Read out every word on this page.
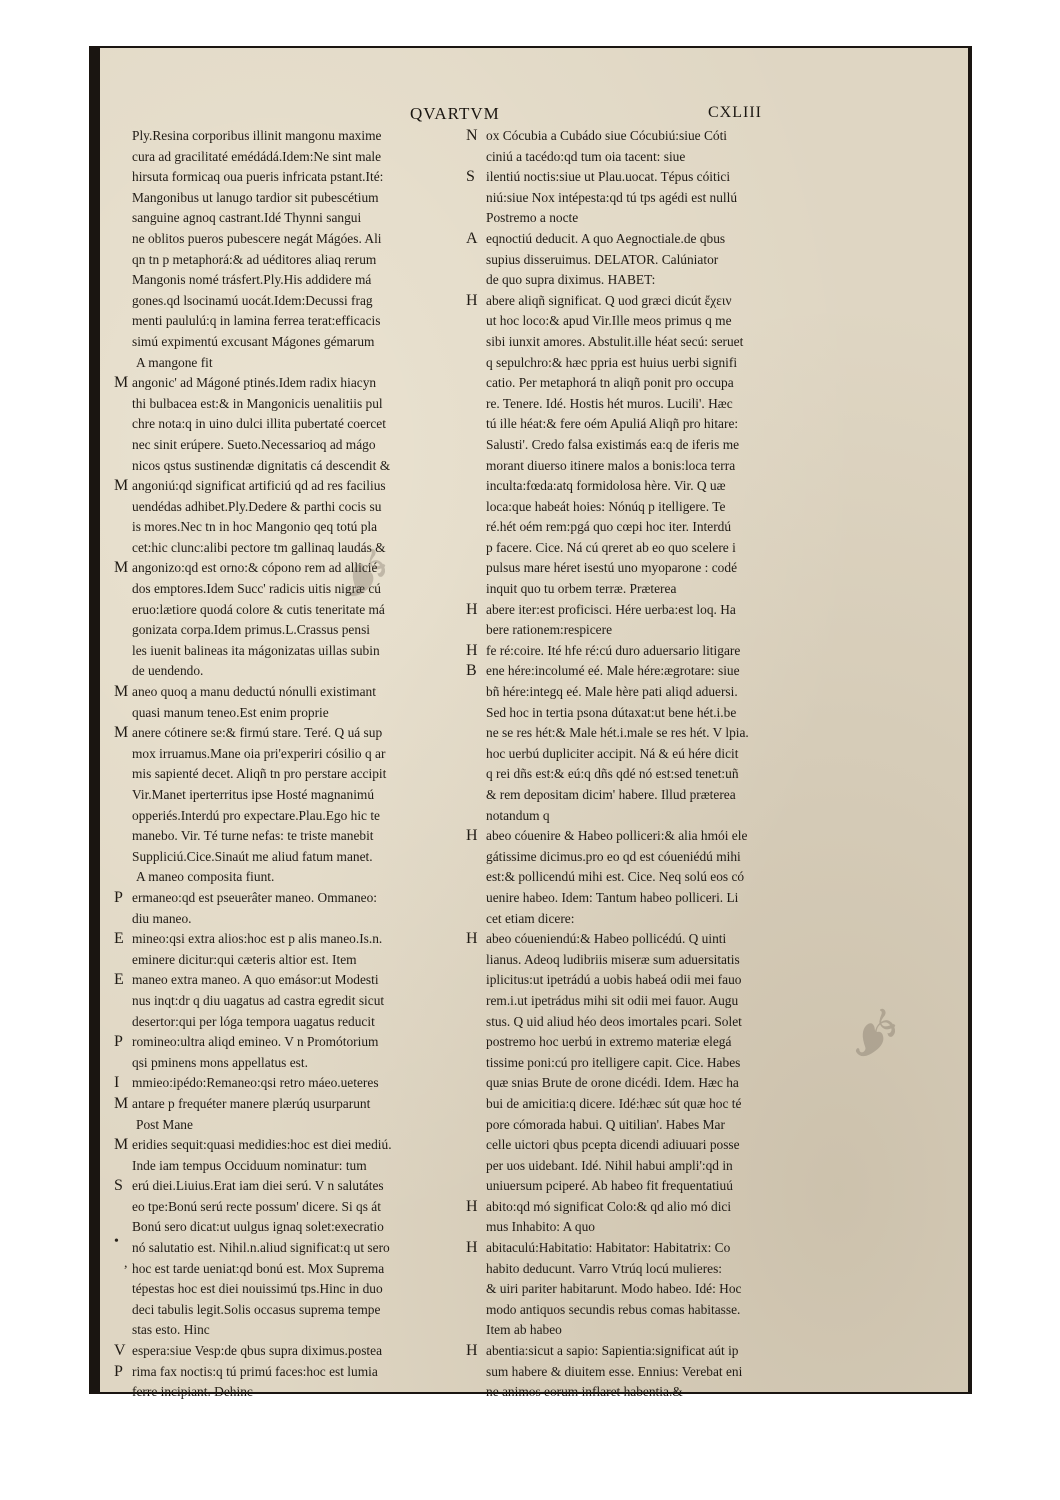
QVARTVM	CXLIII
Ply.Resina corporibus illinit mangonu maxime
cura ad gracilitaté emédádá.Idem:Ne sint male
hirsuta formicaq oua pueris infricata pstant.Ité:
Mangonibus ut lanugo tardior sit pubescétium
sanguine agnoq castrant.Idé Thynni sangui
ne oblitos pueros pubescere negát Mágóes. Ali
qn tn p metaphorá:& ad uéditores aliaq rerum
Mangonis nomé trásfert.Ply.His addidere má
gones.qd lsocinamú uocát.Idem:Decussi frag
menti paululú:q in lamina ferrea terat:efficacis
simú expimentú excusant Mágones gémarum
A mangone fit
M angonic' ad Mágoné ptinés.Idem radix hiacyn
thi bulbacea est:& in Mangonicis uenalitiis pul
chre nota:q in uino dulci illita pubertaté coercet
nec sinit erúpere. Sueto.Necessarioq ad mágo
nicos qstus sustinendæ dignitatis cá descendit &
M angoniú:qd significat artificiú qd ad res facilius
uendédas adhibet.Ply.Dedere & parthi cocis su
is mores.Nec tn in hoc Mangonio qeq totú pla
cet:hic clunc:alibi pectore tm gallinaq laudás &
M angonizo:qd est orno:& cópono rem ad allicié
dos emptores.Idem Succ' radicis uitis nigræ cú
eruo:lætiore quodá colore & cutis teneritate má
gonizata corpa.Idem primus.L.Crassus pensi
les iuenit balineas ita mágonizatas uillas subin
de uendendo.
M aneo quoq a manu deductú nónulli existimant
quasi manum teneo.Est enim proprie
M anere cótinere se:& firmú stare. Teré. Q uá sup
mox irruamus.Mane oia pri'experiri cósilio q ar
mis sapienté decet. Aliqñ tn pro perstare accipit
Vir.Manet iperterritus ipse Hosté magnanimú
opperiés.Interdú pro expectare.Plau.Ego hic te
manebo. Vir. Té turne nefas: te triste manebit
Suppliciú.Cice.Sinaút me aliud fatum manet.
A maneo composita fiunt.
P ermaneo:qd est pseuerâter maneo. Ommaneo:
diu maneo.
E mineo:qsi extra alios:hoc est p alis maneo.Is.n.
eminere dicitur:qui cæteris altior est. Item
E maneo extra maneo. A quo emásor:ut Modesti
nus inqt:dr q diu uagatus ad castra egredit sicut
desertor:qui per lóga tempora uagatus reducit
P romineo:ultra aliqd emineo. V n Promótorium
qsi pminens mons appellatus est.
I mmieo:ipédo:Remaneo:qsi retro máeo.ueteres
M antare p frequéter manere plærúq usurparunt
Post Mane
M eridies sequit:quasi medidies:hoc est diei mediú.
Inde iam tempus Occiduum nominatur: tum
S erú diei.Liuius.Erat iam diei serú. V n salutátes
eo tpe:Bonú serú recte possum' dicere. Si qs át
Bonú sero dicat:ut uulgus ignaq solet:execratio
nó salutatio est. Nihil.n.aliud significat:q ut sero
hoc est tarde ueniat:qd bonú est. Mox Suprema
tépestas hoc est diei nouissimú tps.Hinc in duo
deci tabulis legit.Solis occasus suprema tempe
stas esto. Hinc
V espera:siue Vesp:de qbus supra diximus.postea
P rima fax noctis:q tú primú faces:hoc est lumia
ferre incipiant. Dehinc
N ox Cócubia a Cubádo siue Cócubiú:siue Cóti
ciniú a tacédo:qd tum oia tacent: siue
S ilentiú noctis:siue ut Plau.uocat. Tépus cóitici
niú:siue Nox intépesta:qd tú tps agédi est nullú
Postremo a nocte
A eqnoctiú deducit. A quo Aegnoctiale.de qbus
supius disseruimus. DELATOR. Calúniator
de quo supra diximus. HABET:
H abere aliqñ significat. Q uod græci dicút ἔχειν
ut hoc loco:& apud Vir.Ille meos primus q me
sibi iunxit amores. Abstulit.ille héat secú: seruet
q sepulchro:& hæc ppria est huius uerbi signifi
catio. Per metaphorá tn aliqñ ponit pro occupa
re. Tenere. Idé. Hostis hét muros. Lucili'. Hæc
tú ille héat:& fere oém Apuliá Aliqñ pro hitare:
Salusti'. Credo falsa existimás ea:q de iferis me
morant diuerso itinere malos a bonis:loca terra
inculta:fœda:atq formidolosa hère. Vir. Q uæ
loca:que habeát hoies: Nónúq p itelligere. Te
ré.hét oém rem:pgá quo cœpi hoc iter. Interdú
p facere. Cice. Ná cú qreret ab eo quo scelere i
pulsus mare héret isestú uno myoparone : codé
inquit quo tu orbem terræ. Præterea
H abere iter:est proficisci. Hére uerba:est loq. Ha
bere rationem:respicere
H fe ré:coire. Ité hfe ré:cú duro aduersario litigare
B ene hére:incolumé eé. Male hére:ægrotare: siue
bñ hére:integq eé. Male hère pati aliqd aduersi.
Sed hoc in tertia psona dútaxat:ut bene hét.i.be
ne se res hét:& Male hét.i.male se res hét. V lpia.
hoc uerbú dupliciter accipit. Ná & eú hére dicit
q rei dñs est:& eú:q dñs qdé nó est:sed tenet:uñ
& rem depositam dicim' habere. Illud præterea
notandum q
H abeo cóuenire & Habeo polliceri:& alia hmói ele
gátissime dicimus.pro eo qd est cóueniédú mihi
est:& pollicendú mihi est. Cice. Neq solú eos có
uenire habeo. Idem: Tantum habeo polliceri. Li
cet etiam dicere:
H abeo cóueniendú:& Habeo pollicédú. Q uinti
lianus. Adeoq ludibriis miseræ sum aduersitatis
iplicitus:ut ipetrádú a uobis habeá odii mei fauo
rem.i.ut ipetrádus mihi sit odii mei fauor. Augu
stus. Q uid aliud héo deos imortales pcari. Solet
postremo hoc uerbú in extremo materiæ elegá
tissime poni:cú pro itelligere capit. Cice. Habes
quæ snias Brute de orone dicédi. Idem. Hæc ha
bui de amicitia:q dicere. Idé:hæc sút quæ hoc té
pore cómorada habui. Q uitilian'. Habes Mar
celle uictori qbus pcepta dicendi adiuuari posse
per uos uidebant. Idé. Nihil habui ampli':qd in
uniuersum pciperé. Ab habeo fit frequentatiuú
H abito:qd mó significat Colo:& qd alio mó dici
mus Inhabito: A quo
H abitaculú:Habitatio: Habitator: Habitatrix: Co
habito deducunt. Varro Vtrúq locú mulieres:
& uiri pariter habitarunt. Modo habeo. Idé: Hoc
modo antiquos secundis rebus comas habitasse.
Item ab habeo
H abentia:sicut a sapio: Sapientia:significat aút ip
sum habere & diuitem esse. Ennius: Verebat eni
ne animos eorum inflaret habentia.&
•
,
☙
☙
